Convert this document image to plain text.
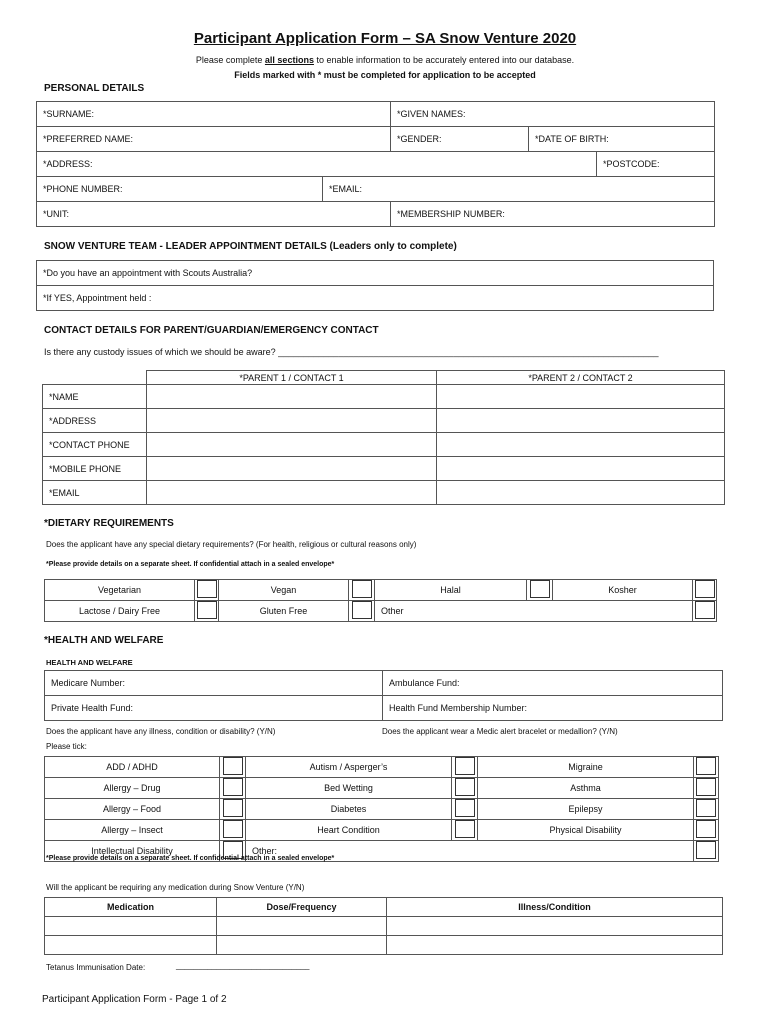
Participant Application Form – SA Snow Venture 2020
Please complete all sections to enable information to be accurately entered into our database.
Fields marked with * must be completed for application to be accepted
PERSONAL DETAILS
*SURNAME:		*GIVEN NAMES:		
*PREFERRED NAME:		*GENDER:	*DATE OF BIRTH:	
*ADDRESS:				*POSTCODE:
*PHONE NUMBER:	*EMAIL:			
*UNIT:		*MEMBERSHIP NUMBER:		
SNOW VENTURE TEAM - LEADER APPOINTMENT DETAILS (Leaders only to complete)
*Do you have an appointment with Scouts Australia?
*If YES, Appointment held :
CONTACT DETAILS FOR PARENT/GUARDIAN/EMERGENCY CONTACT
Is there any custody issues of which we should be aware? ____________________________________________________________________________
	*PARENT 1 / CONTACT 1	*PARENT 2 / CONTACT 2
*NAME		
*ADDRESS		
*CONTACT PHONE		
*MOBILE PHONE		
*EMAIL		
*DIETARY REQUIREMENTS
Does the applicant have any special dietary requirements? (For health, religious or cultural reasons only)
*Please provide details on a separate sheet. If confidential attach in a sealed envelope*
Vegetarian		Vegan		Halal		Kosher	
Lactose / Dairy Free		Gluten Free		Other			
*HEALTH AND WELFARE
HEALTH AND WELFARE
Medicare Number:	Ambulance Fund:
Private Health Fund:	Health Fund Membership Number:
Does the applicant have any illness, condition or disability? (Y/N)	Does the applicant wear a Medic alert bracelet or medallion? (Y/N)
Please tick:
ADD / ADHD		Autism / Asperger’s		Migraine	
Allergy – Drug		Bed Wetting		Asthma	
Allergy – Food		Diabetes		Epilepsy	
Allergy – Insect		Heart Condition		Physical Disability	
Intellectual Disability		Other:			
*Please provide details on a separate sheet. If confidential attach in a sealed envelope*
Will the applicant be requiring any medication during Snow Venture (Y/N)
Medication	Dose/Frequency	Illness/Condition

Tetanus Immunisation Date:	______________________________
Participant Application Form - Page 1 of 2
